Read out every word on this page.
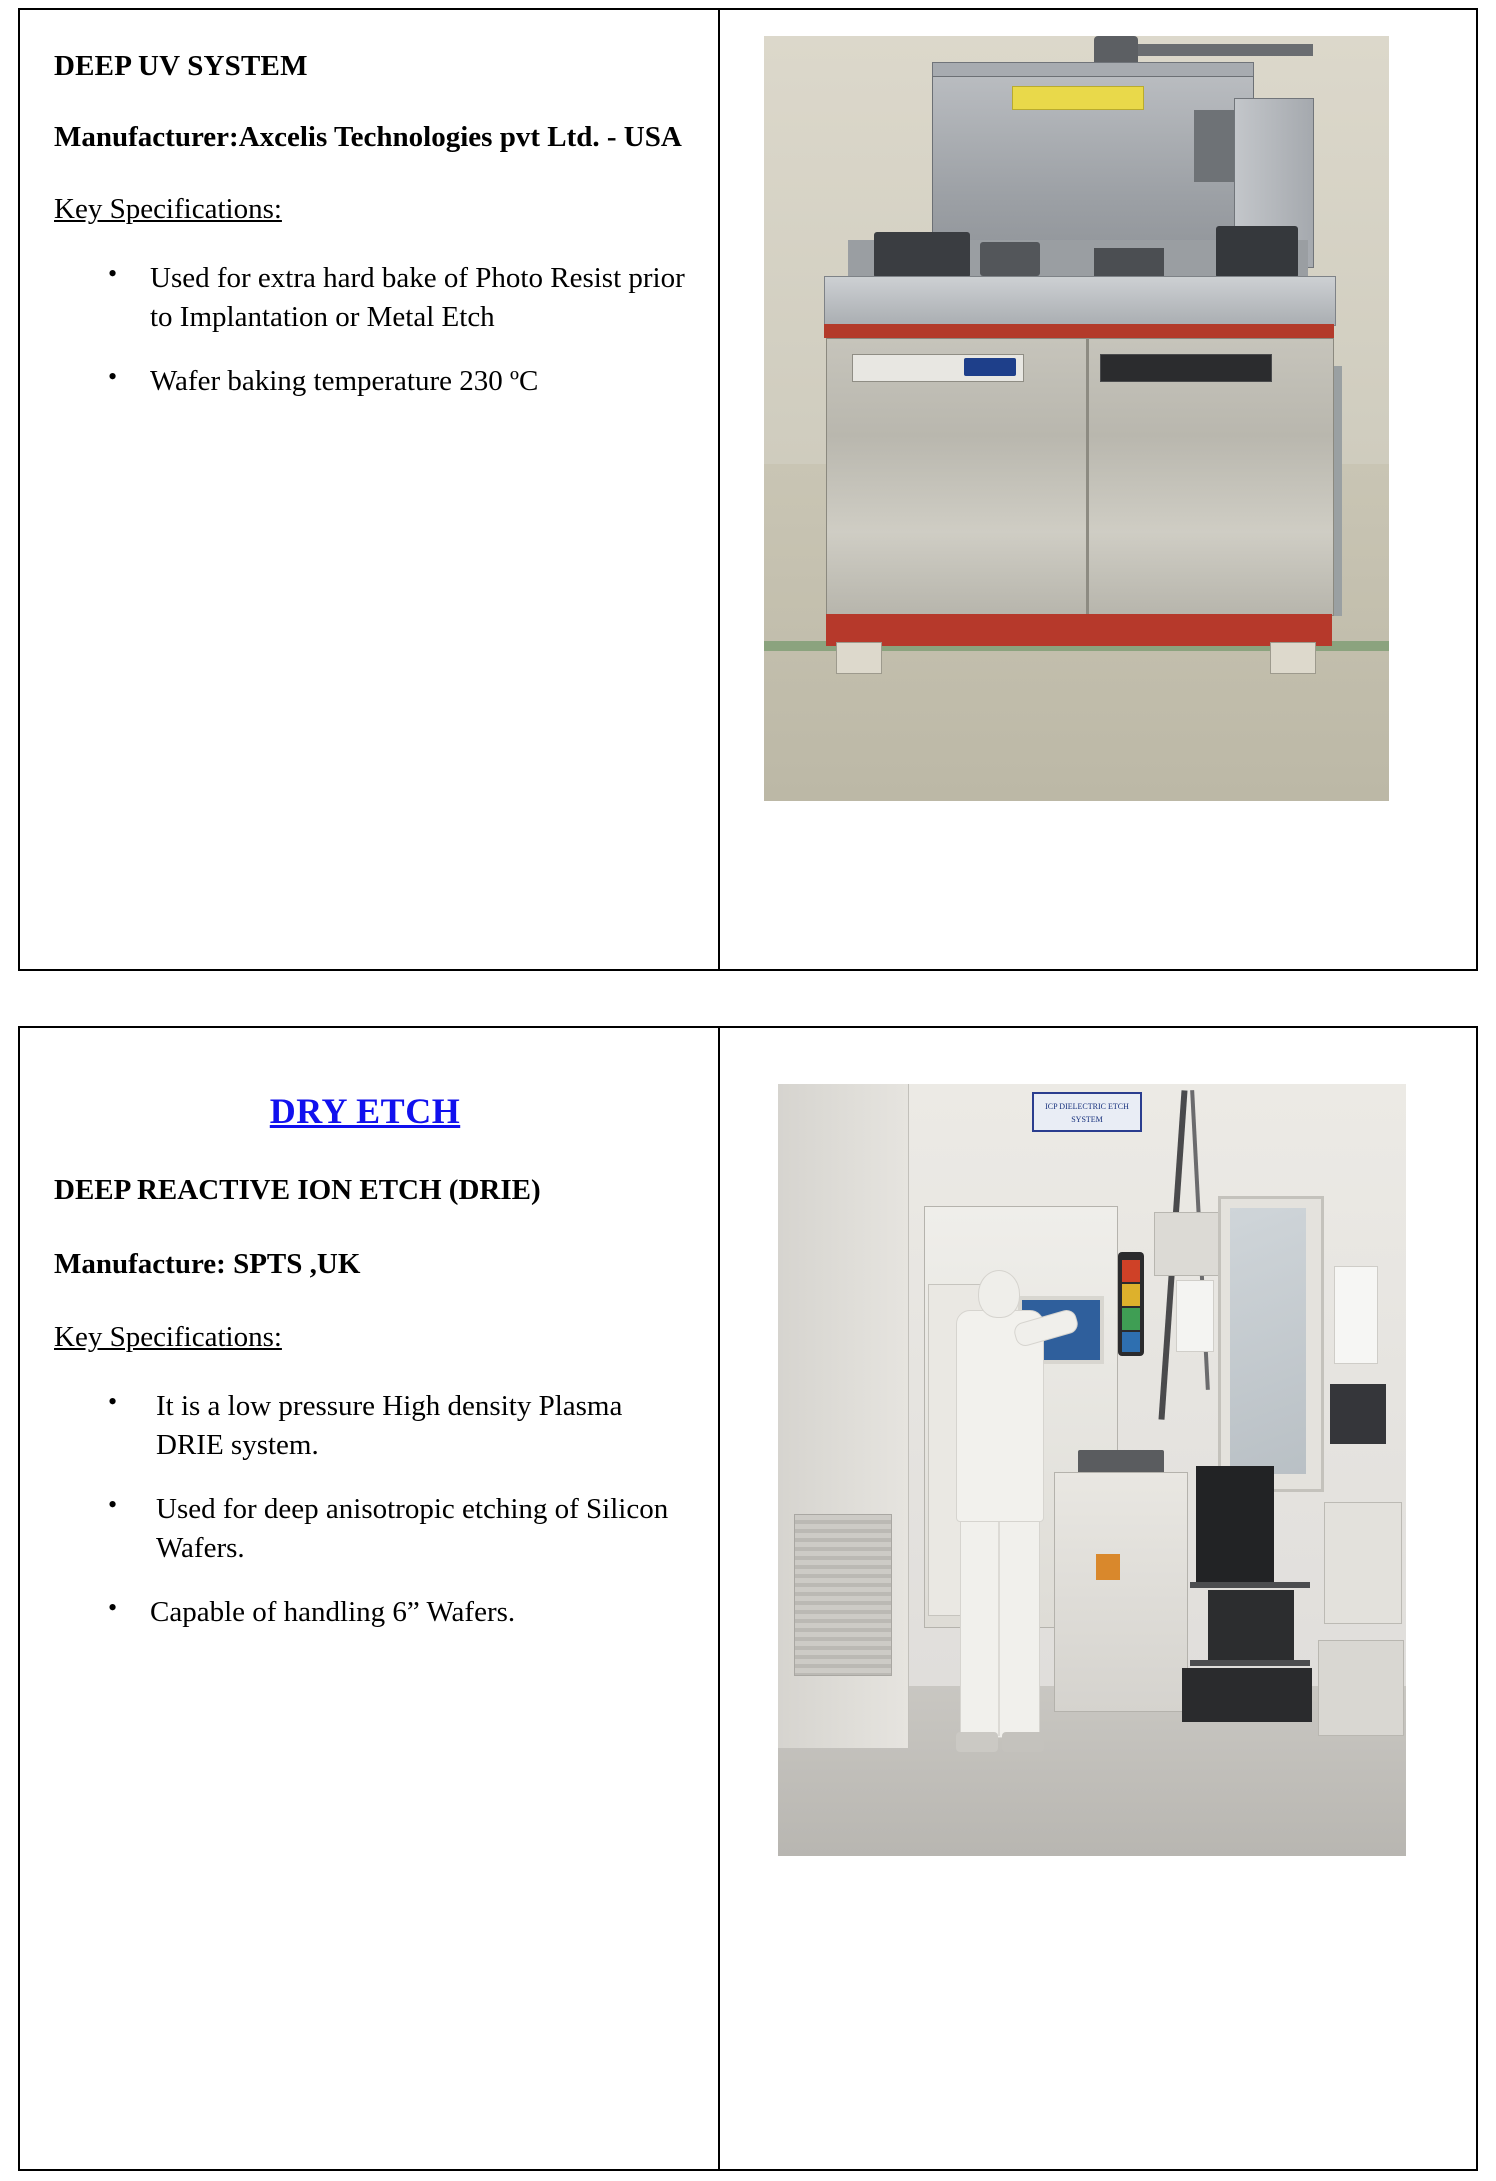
DEEP UV SYSTEM
Manufacturer:Axcelis Technologies pvt Ltd. - USA
Key Specifications:
• Used for extra hard bake of Photo Resist prior to Implantation or Metal Etch
• Wafer baking temperature 230 ºC
DRY ETCH
DEEP REACTIVE ION ETCH (DRIE)
Manufacture: SPTS ,UK
Key Specifications:
• It is a low pressure High density Plasma DRIE system.
• Used for deep anisotropic etching of Silicon Wafers.
• Capable of handling 6” Wafers.
ICP DIELECTRIC ETCH SYSTEM
